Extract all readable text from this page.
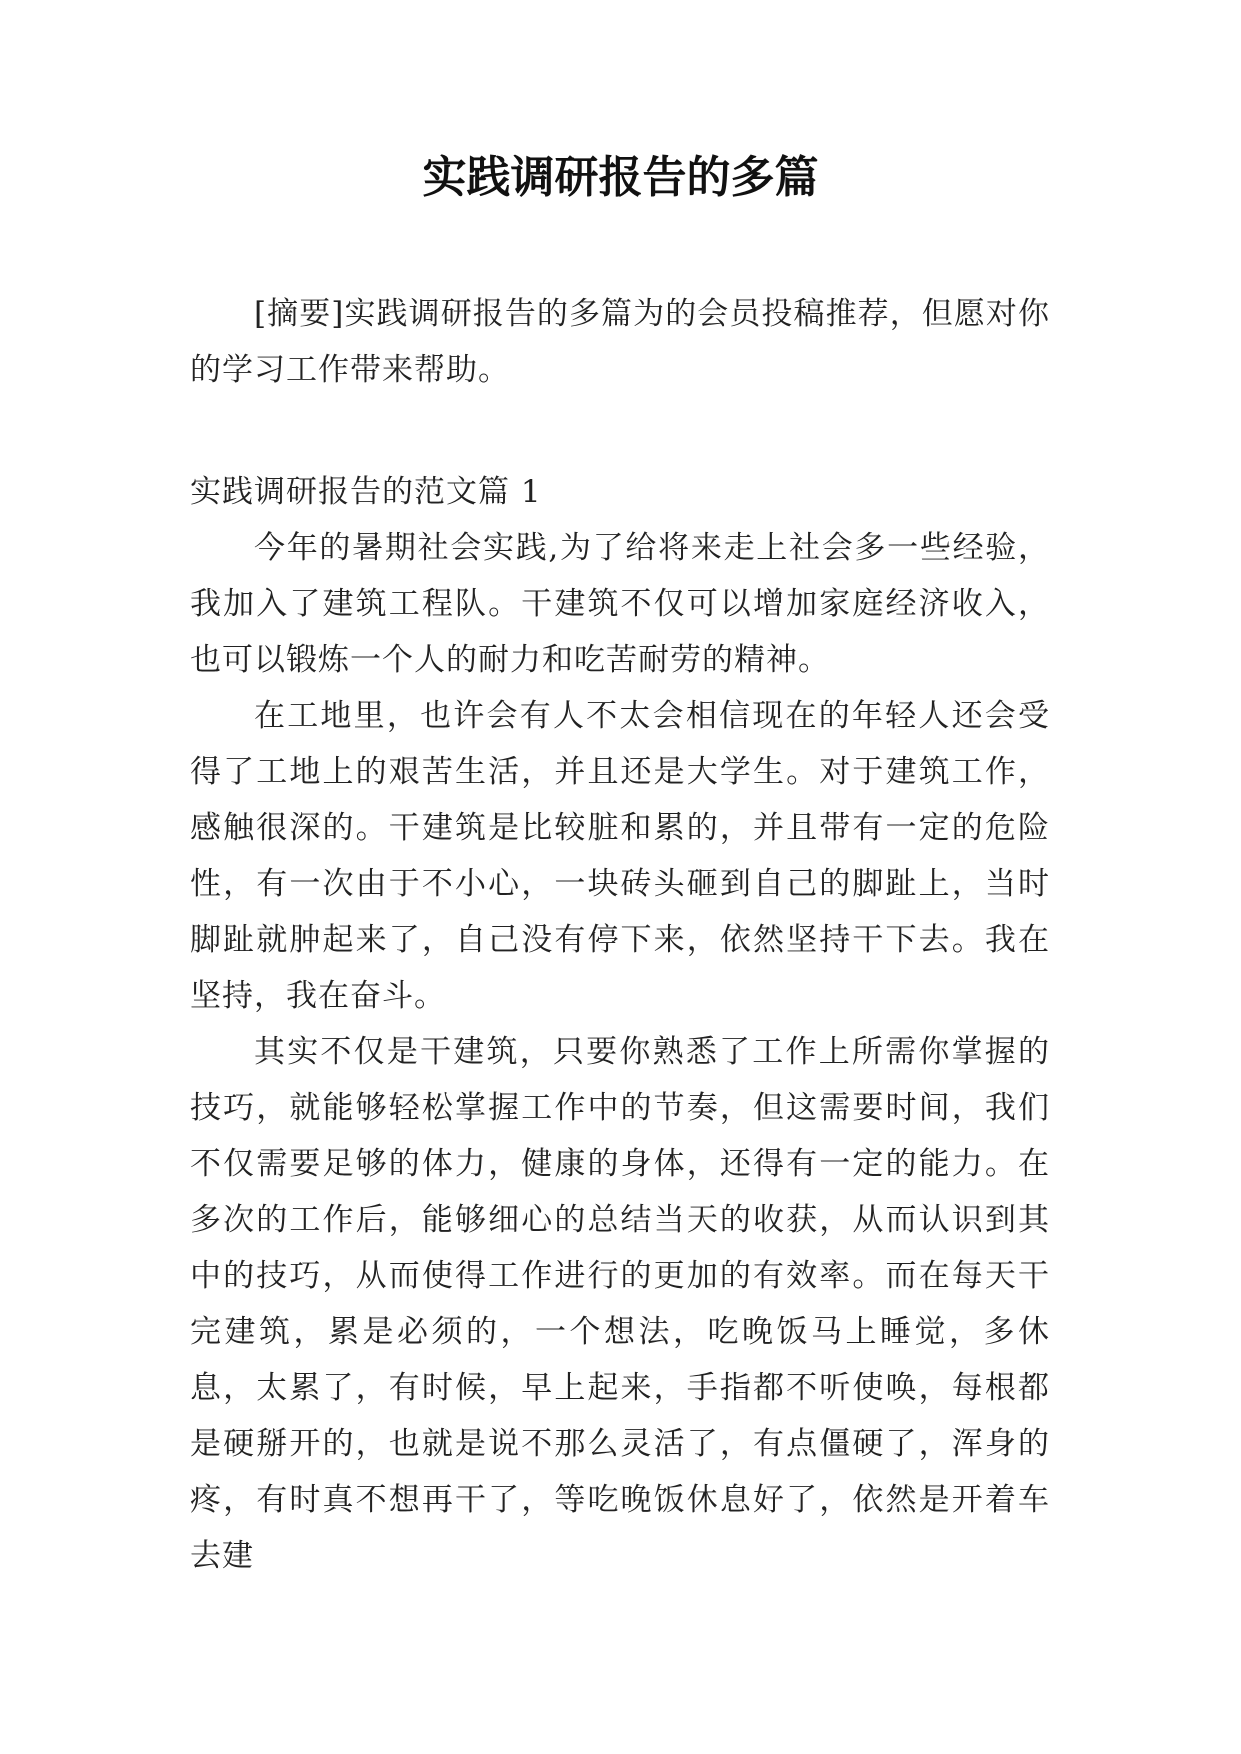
实践调研报告的多篇

[摘要]实践调研报告的多篇为的会员投稿推荐，但愿对你的学习工作带来帮助。

实践调研报告的范文篇 1

今年的暑期社会实践,为了给将来走上社会多一些经验，我加入了建筑工程队。干建筑不仅可以增加家庭经济收入，也可以锻炼一个人的耐力和吃苦耐劳的精神。

在工地里，也许会有人不太会相信现在的年轻人还会受得了工地上的艰苦生活，并且还是大学生。对于建筑工作，感触很深的。干建筑是比较脏和累的，并且带有一定的危险性，有一次由于不小心，一块砖头砸到自己的脚趾上，当时脚趾就肿起来了，自己没有停下来，依然坚持干下去。我在坚持，我在奋斗。

其实不仅是干建筑，只要你熟悉了工作上所需你掌握的技巧，就能够轻松掌握工作中的节奏，但这需要时间，我们不仅需要足够的体力，健康的身体，还得有一定的能力。在多次的工作后，能够细心的总结当天的收获，从而认识到其中的技巧，从而使得工作进行的更加的有效率。而在每天干完建筑，累是必须的，一个想法，吃晚饭马上睡觉，多休息，太累了，有时候，早上起来，手指都不听使唤，每根都是硬掰开的，也就是说不那么灵活了，有点僵硬了，浑身的疼，有时真不想再干了，等吃晚饭休息好了，依然是开着车去建
